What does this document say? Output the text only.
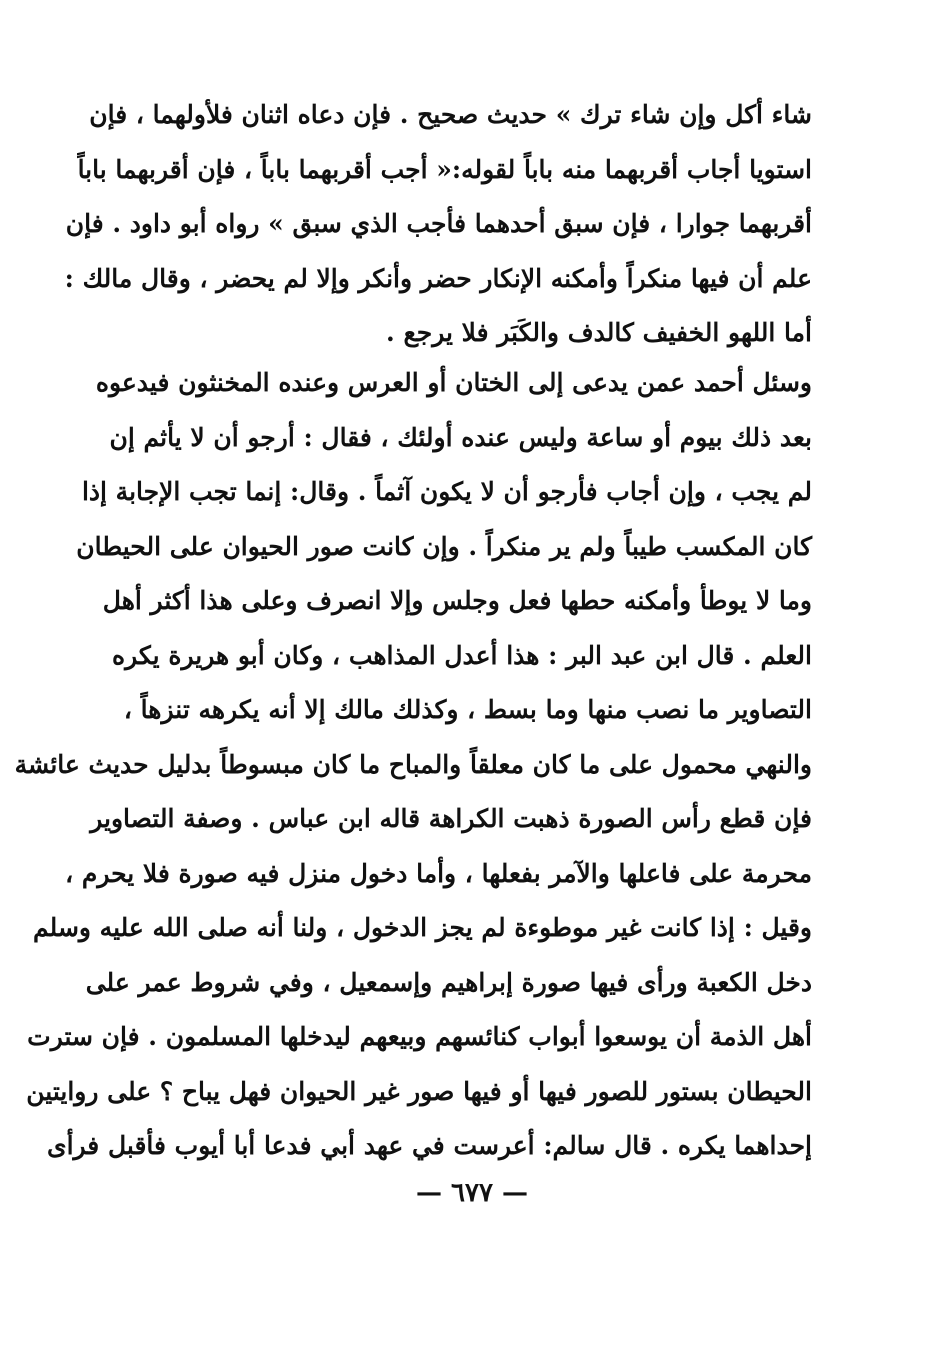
شاء أكل وإن شاء ترك » حديث صحيح . فإن دعاه اثنان فلأولهما ، فإن
استويا أجاب أقربهما منه باباً لقوله:« أجب أقربهما باباً ، فإن أقربهما باباً
أقربهما جوارا ، فإن سبق أحدهما فأجب الذي سبق » رواه أبو داود . فإن
علم أن فيها منكراً وأمكنه الإنكار حضر وأنكر وإلا لم يحضر ، وقال مالك :
أما اللهو الخفيف كالدف والكَبَر فلا يرجع .
وسئل أحمد عمن يدعى إلى الختان أو العرس وعنده المخنثون فيدعوه
بعد ذلك بيوم أو ساعة وليس عنده أولئك ، فقال : أرجو أن لا يأثم إن
لم يجب ، وإن أجاب فأرجو أن لا يكون آثماً . وقال: إنما تجب الإجابة إذا
كان المكسب طيباً ولم ير منكراً . وإن كانت صور الحيوان على الحيطان
وما لا يوطأ وأمكنه حطها فعل وجلس وإلا انصرف وعلى هذا أكثر أهل
العلم . قال ابن عبد البر : هذا أعدل المذاهب ، وكان أبو هريرة يكره
التصاوير ما نصب منها وما بسط ، وكذلك مالك إلا أنه يكرهه تنزهاً ،
والنهي محمول على ما كان معلقاً والمباح ما كان مبسوطاً بدليل حديث عائشة
فإن قطع رأس الصورة ذهبت الكراهة قاله ابن عباس . وصفة التصاوير
محرمة على فاعلها والآمر بفعلها ، وأما دخول منزل فيه صورة فلا يحرم ،
وقيل : إذا كانت غير موطوءة لم يجز الدخول ، ولنا أنه صلى الله عليه وسلم
دخل الكعبة ورأى فيها صورة إبراهيم وإسمعيل ، وفي شروط عمر على
أهل الذمة أن يوسعوا أبواب كنائسهم وبيعهم ليدخلها المسلمون . فإن سترت
الحيطان بستور للصور فيها أو فيها صور غير الحيوان فهل يباح ؟ على روايتين
إحداهما يكره . قال سالم: أعرست في عهد أبي فدعا أبا أيوب فأقبل فرأى
— ٦٧٧ —
